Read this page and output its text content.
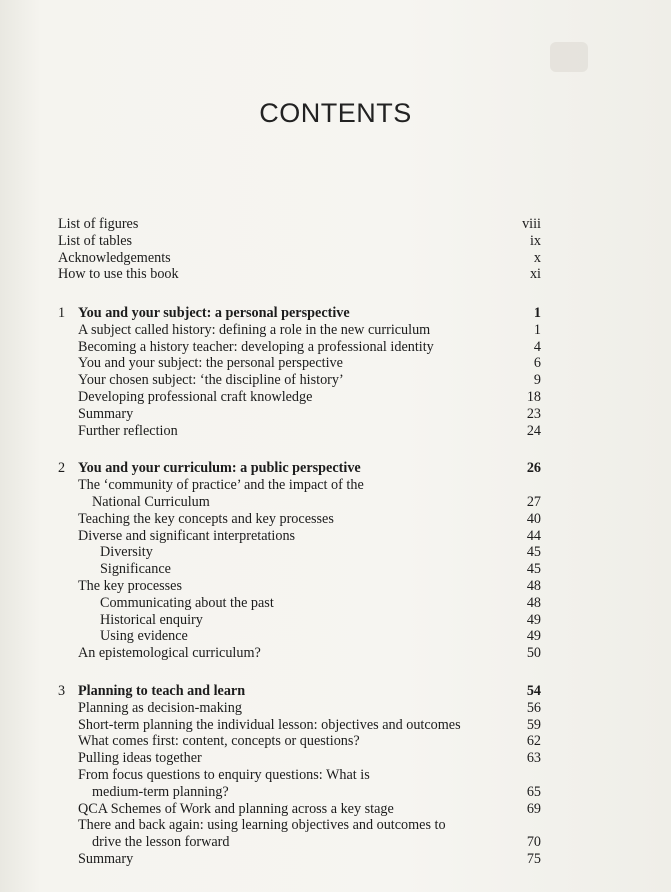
CONTENTS
List of figures	viii
List of tables	ix
Acknowledgements	x
How to use this book	xi
1 You and your subject: a personal perspective	1
A subject called history: defining a role in the new curriculum	1
Becoming a history teacher: developing a professional identity	4
You and your subject: the personal perspective	6
Your chosen subject: ‘the discipline of history’	9
Developing professional craft knowledge	18
Summary	23
Further reflection	24
2 You and your curriculum: a public perspective	26
The ‘community of practice’ and the impact of the
National Curriculum	27
Teaching the key concepts and key processes	40
Diverse and significant interpretations	44
Diversity	45
Significance	45
The key processes	48
Communicating about the past	48
Historical enquiry	49
Using evidence	49
An epistemological curriculum?	50
3 Planning to teach and learn	54
Planning as decision-making	56
Short-term planning the individual lesson: objectives and outcomes	59
What comes first: content, concepts or questions?	62
Pulling ideas together	63
From focus questions to enquiry questions: What is
medium-term planning?	65
QCA Schemes of Work and planning across a key stage	69
There and back again: using learning objectives and outcomes to
drive the lesson forward	70
Summary	75
